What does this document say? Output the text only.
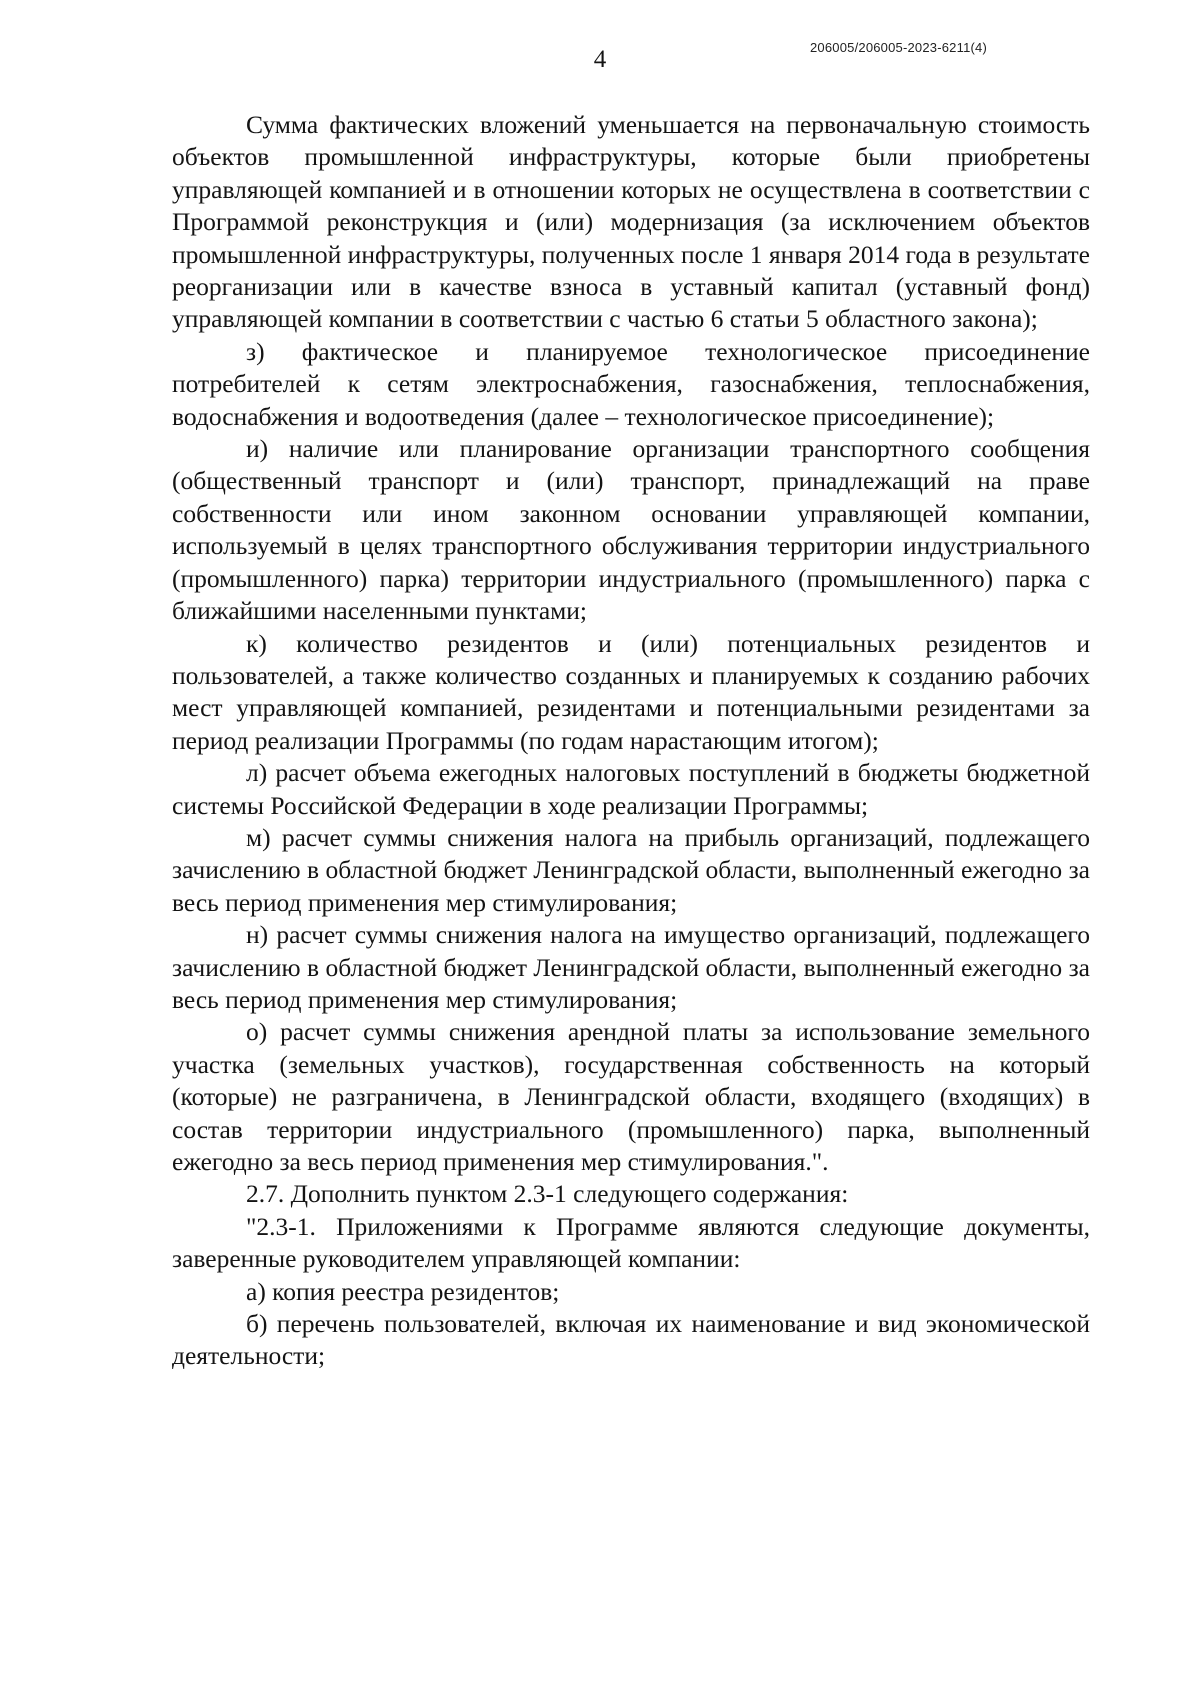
206005/206005-2023-6211(4)
4

Сумма фактических вложений уменьшается на первоначальную стоимость объектов промышленной инфраструктуры, которые были приобретены управляющей компанией и в отношении которых не осуществлена в соответствии с Программой реконструкция и (или) модернизация (за исключением объектов промышленной инфраструктуры, полученных после 1 января 2014 года в результате реорганизации или в качестве взноса в уставный капитал (уставный фонд) управляющей компании в соответствии с частью 6 статьи 5 областного закона);

з) фактическое и планируемое технологическое присоединение потребителей к сетям электроснабжения, газоснабжения, теплоснабжения, водоснабжения и водоотведения (далее – технологическое присоединение);

и) наличие или планирование организации транспортного сообщения (общественный транспорт и (или) транспорт, принадлежащий на праве собственности или ином законном основании управляющей компании, используемый в целях транспортного обслуживания территории индустриального (промышленного) парка) территории индустриального (промышленного) парка с ближайшими населенными пунктами;

к) количество резидентов и (или) потенциальных резидентов и пользователей, а также количество созданных и планируемых к созданию рабочих мест управляющей компанией, резидентами и потенциальными резидентами за период реализации Программы (по годам нарастающим итогом);

л) расчет объема ежегодных налоговых поступлений в бюджеты бюджетной системы Российской Федерации в ходе реализации Программы;

м) расчет суммы снижения налога на прибыль организаций, подлежащего зачислению в областной бюджет Ленинградской области, выполненный ежегодно за весь период применения мер стимулирования;

н) расчет суммы снижения налога на имущество организаций, подлежащего зачислению в областной бюджет Ленинградской области, выполненный ежегодно за весь период применения мер стимулирования;

о) расчет суммы снижения арендной платы за использование земельного участка (земельных участков), государственная собственность на который (которые) не разграничена, в Ленинградской области, входящего (входящих) в состав территории индустриального (промышленного) парка, выполненный ежегодно за весь период применения мер стимулирования.".

2.7. Дополнить пунктом 2.3-1 следующего содержания:

"2.3-1. Приложениями к Программе являются следующие документы, заверенные руководителем управляющей компании:

а) копия реестра резидентов;

б) перечень пользователей, включая их наименование и вид экономической деятельности;
